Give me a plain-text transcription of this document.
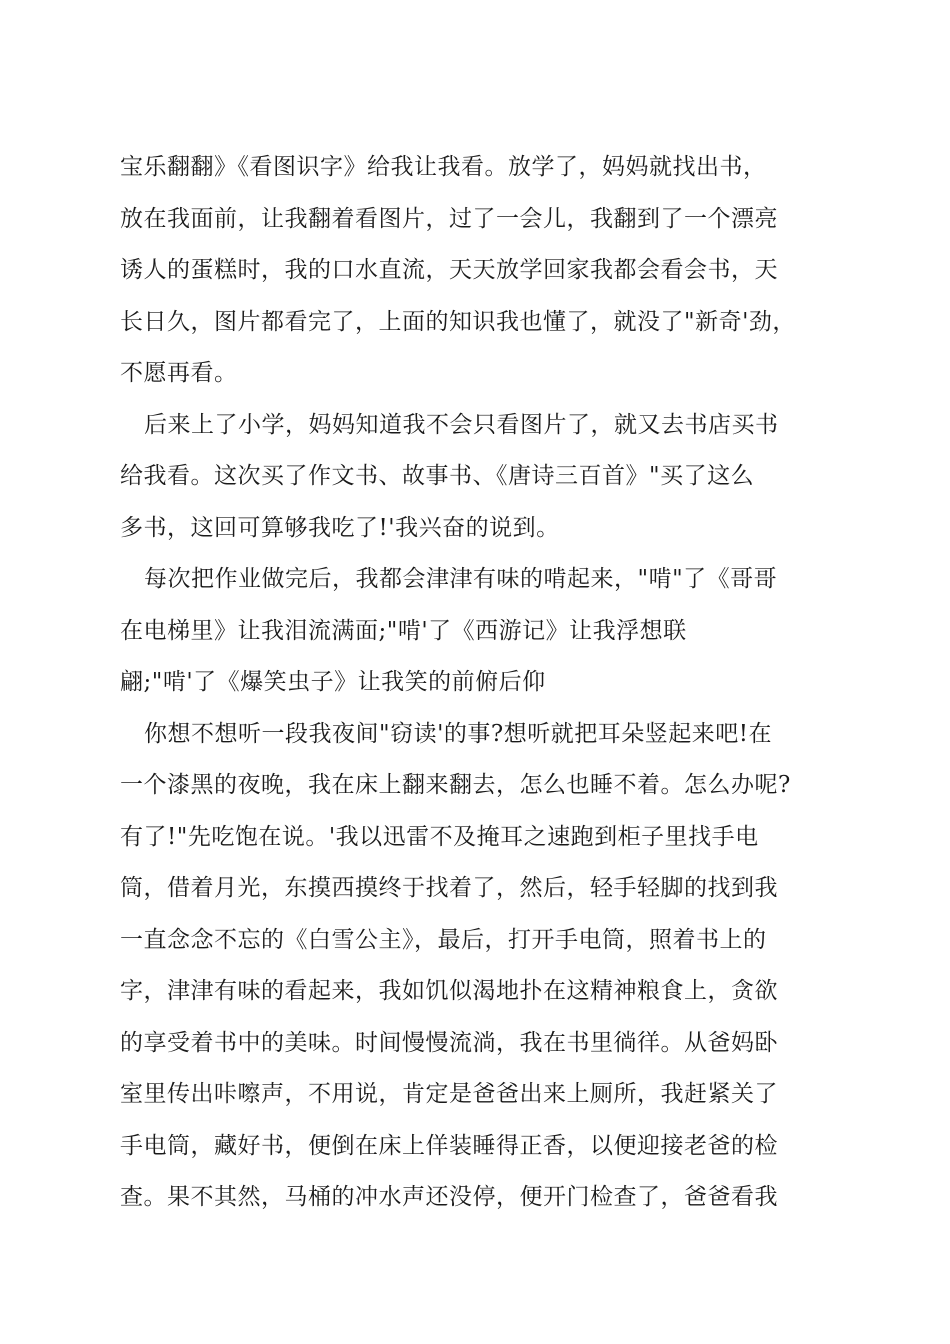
宝乐翻翻》《看图识字》给我让我看。放学了，妈妈就找出书，
放在我面前，让我翻着看图片，过了一会儿，我翻到了一个漂亮
诱人的蛋糕时，我的口水直流，天天放学回家我都会看会书，天
长日久，图片都看完了，上面的知识我也懂了，就没了"新奇'劲，
不愿再看。
后来上了小学，妈妈知道我不会只看图片了，就又去书店买书
给我看。这次买了作文书、故事书、《唐诗三百首》"买了这么
多书，这回可算够我吃了!'我兴奋的说到。
每次把作业做完后，我都会津津有味的啃起来，"啃"了《哥哥
在电梯里》让我泪流满面;"啃'了《西游记》让我浮想联
翩;"啃'了《爆笑虫子》让我笑的前俯后仰
你想不想听一段我夜间"窃读'的事?想听就把耳朵竖起来吧!在
一个漆黑的夜晚，我在床上翻来翻去，怎么也睡不着。怎么办呢?
有了!"先吃饱在说。'我以迅雷不及掩耳之速跑到柜子里找手电
筒，借着月光，东摸西摸终于找着了，然后，轻手轻脚的找到我
一直念念不忘的《白雪公主》，最后，打开手电筒，照着书上的
字，津津有味的看起来，我如饥似渴地扑在这精神粮食上，贪欲
的享受着书中的美味。时间慢慢流淌，我在书里徜徉。从爸妈卧
室里传出咔嚓声，不用说，肯定是爸爸出来上厕所，我赶紧关了
手电筒，藏好书，便倒在床上佯装睡得正香，以便迎接老爸的检
查。果不其然，马桶的冲水声还没停，便开门检查了，爸爸看我
